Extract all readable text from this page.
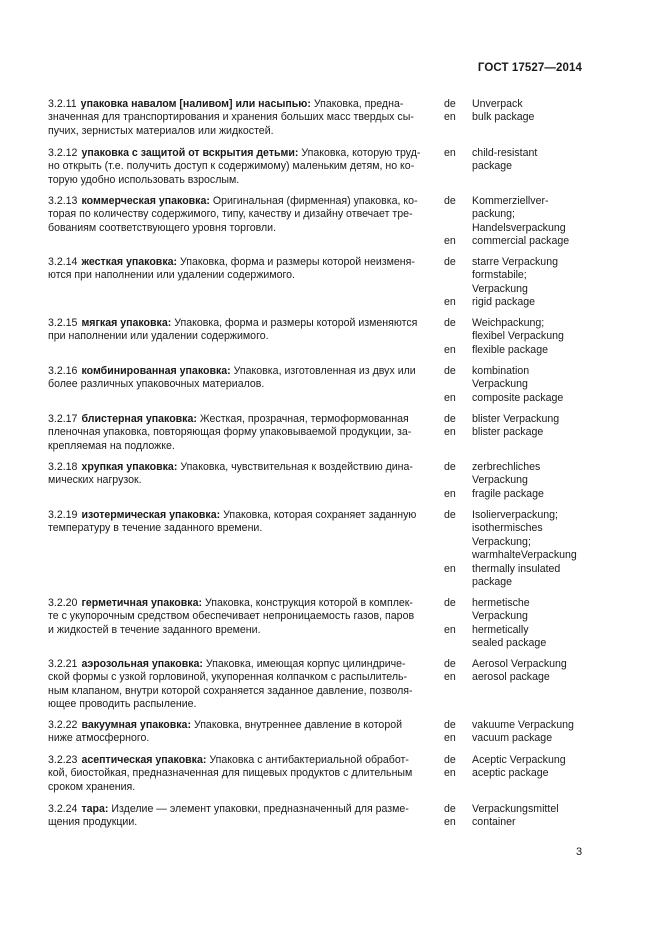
ГОСТ 17527—2014
3.2.11 упаковка навалом [наливом] или насыпью: Упаковка, предна-
значенная для транспортирования и хранения больших масс твердых сы-
пучих, зернистых материалов или жидкостей.
de
en
Unverpack
bulk package
3.2.12 упаковка с защитой от вскрытия детьми: Упаковка, которую труд-
но открыть (т.е. получить доступ к содержимому) маленьким детям, но ко-
торую удобно использовать взрослым.
en	child-resistant
package
3.2.13 коммерческая упаковка: Оригинальная (фирменная) упаковка, ко-
торая по количеству содержимого, типу, качеству и дизайну отвечает тре-
бованиям соответствующего уровня торговли.
de
en
Kommerziellver-
packung;
Handelsverpackung
commercial package
3.2.14 жесткая упаковка: Упаковка, форма и размеры которой неизменя-
ются при наполнении или удалении содержимого.
de
en
starre Verpackung
formstabile;
Verpackung
rigid package
3.2.15 мягкая упаковка: Упаковка, форма и размеры которой изменяются
при наполнении или удалении содержимого.
de
en
Weichpackung;
flexibel Verpackung
flexible package
3.2.16 комбинированная упаковка: Упаковка, изготовленная из двух или
более различных упаковочных материалов.
de
en
kombination
Verpackung
composite package
3.2.17 блистерная упаковка: Жесткая, прозрачная, термоформованная
пленочная упаковка, повторяющая форму упаковываемой продукции, за-
крепляемая на подложке.
de
en
blister Verpackung
blister package
3.2.18 хрупкая упаковка: Упаковка, чувствительная к воздействию дина-
мических нагрузок.
de
en
zerbrechliches
Verpackung
fragile package
3.2.19 изотермическая упаковка: Упаковка, которая сохраняет заданную
температуру в течение заданного времени.
de
en
Isolierverpackung;
isothermisches
Verpackung;
warmhalteVerpackung
thermally insulated
package
3.2.20 герметичная упаковка: Упаковка, конструкция которой в комплек-
те с укупорочным средством обеспечивает непроницаемость газов, паров
и жидкостей в течение заданного времени.
de
en
hermetische
Verpackung
hermetically
sealed package
3.2.21 аэрозольная упаковка: Упаковка, имеющая корпус цилиндриче-
ской формы с узкой горловиной, укупоренная колпачком с распылитель-
ным клапаном, внутри которой сохраняется заданное давление, позволя-
ющее проводить распыление.
de
en
Aerosol Verpackung
aerosol package
3.2.22 вакуумная упаковка: Упаковка, внутреннее давление в которой
ниже атмосферного.
de
en
vakuume Verpackung
vacuum package
3.2.23 асептическая упаковка: Упаковка с антибактериальной обработ-
кой, биостойкая, предназначенная для пищевых продуктов с длительным
сроком хранения.
de
en
Aceptic Verpackung
aceptic package
3.2.24 тара: Изделие — элемент упаковки, предназначенный для разме-
щения продукции.
de
en
Verpackungsmittel
container
3
